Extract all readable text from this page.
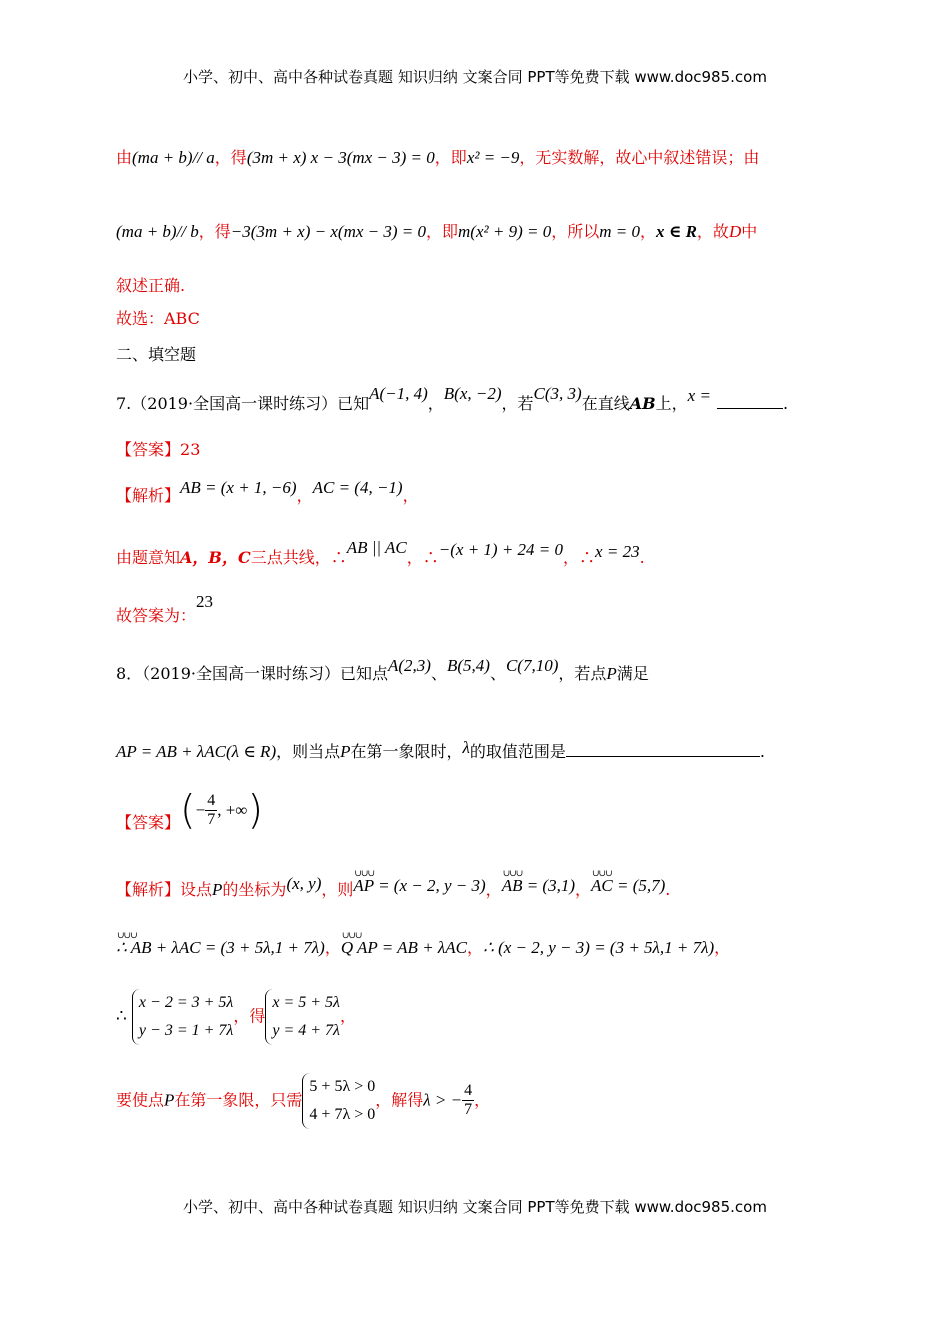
小学、初中、高中各种试卷真题 知识归纳 文案合同 PPT等免费下载 www.doc985.com
由(ma + b)// a，得(3m + x) x − 3(mx − 3) = 0，即x² = −9，无实数解，故心中叙述错误；由
(ma + b)// b，得−3(3m + x) − x(mx − 3) = 0，即m(x² + 9) = 0，所以m = 0，x ∈ R，故D中
叙述正确.
故选：ABC
二、填空题
7.（2019·全国高一课时练习）已知A(−1, 4)，B(x, −2)，若C(3, 3)在直线AB上，x =	.
【答案】23
【解析】AB = (x + 1, −6)，AC = (4, −1)，
由题意知A，B，C三点共线，∴AB || AC，∴−(x + 1) + 24 = 0，∴x = 23.
故答案为：23
8．（2019·全国高一课时练习）已知点A(2,3)、B(5,4)、C(7,10)，若点P满足
AP = AB + λAC(λ ∈ R)，则当点P在第一象限时，λ的取值范围是	.
【答案】(− $\frac{4}{7}$ , +∞)
【解析】设点P的坐标为(x, y)，则∪∪∪ AP = (x − 2, y − 3)，∪∪∪ AB = (3,1)，∪∪∪ AC = (5,7).
∪∪∪ ∴ AB + λAC = (3 + 5λ,1 + 7λ)，∪∪∪ Q AP = AB + λAC，∴ (x − 2, y − 3) = (3 + 5λ,1 + 7λ)，
∴
x − 2 = 3 + 5λ
y − 3 = 1 + 7λ
，得
x = 5 + 5λ
y = 4 + 7λ
，
要使点P在第一象限，只需
5 + 5λ > 0
4 + 7λ > 0
，解得λ > − $\frac{4}{7}$ ，
小学、初中、高中各种试卷真题 知识归纳 文案合同 PPT等免费下载 www.doc985.com
